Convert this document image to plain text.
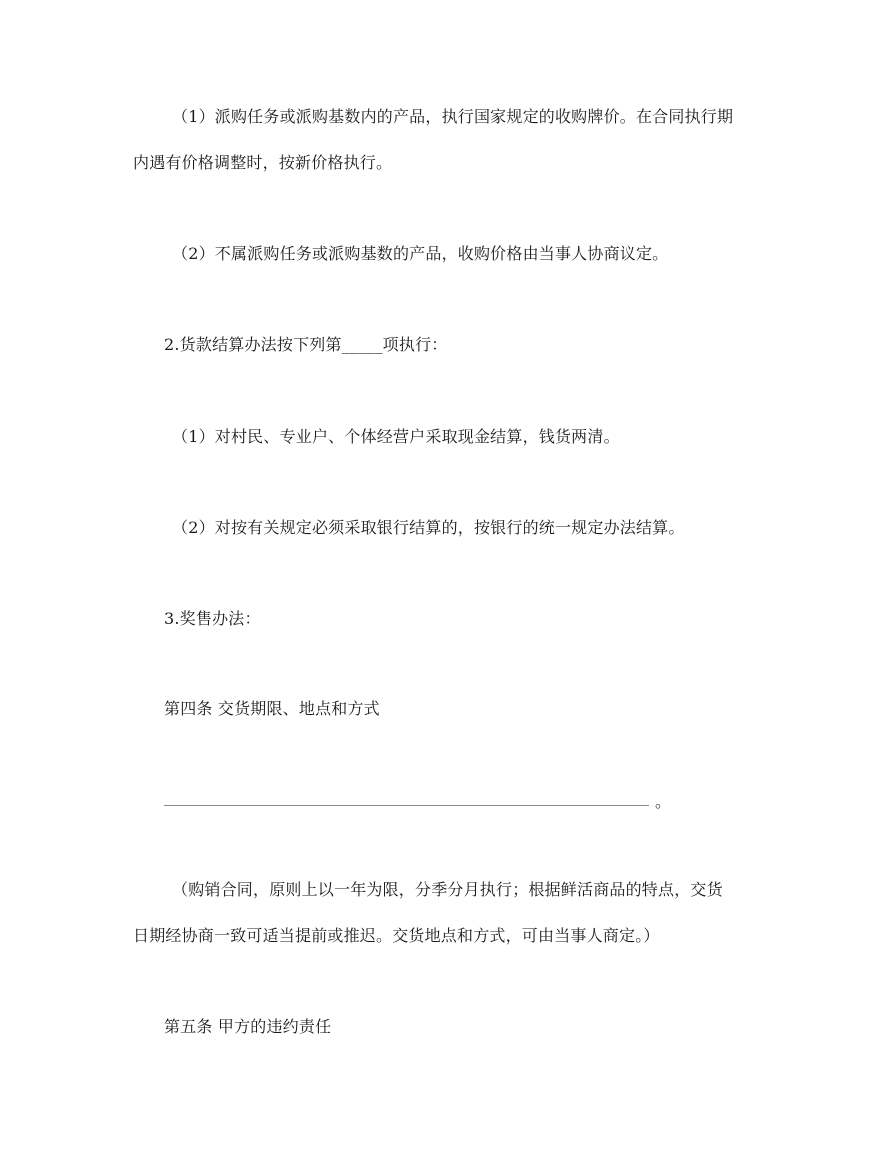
（1）派购任务或派购基数内的产品，执行国家规定的收购牌价。在合同执行期
内遇有价格调整时，按新价格执行。
（2）不属派购任务或派购基数的产品，收购价格由当事人协商议定。
2.货款结算办法按下列第_____项执行：
（1）对村民、专业户、个体经营户采取现金结算，钱货两清。
（2）对按有关规定必须采取银行结算的，按银行的统一规定办法结算。
3.奖售办法：
第四条 交货期限、地点和方式
。
（购销合同，原则上以一年为限，分季分月执行；根据鲜活商品的特点，交货
日期经协商一致可适当提前或推迟。交货地点和方式，可由当事人商定。）
第五条 甲方的违约责任
